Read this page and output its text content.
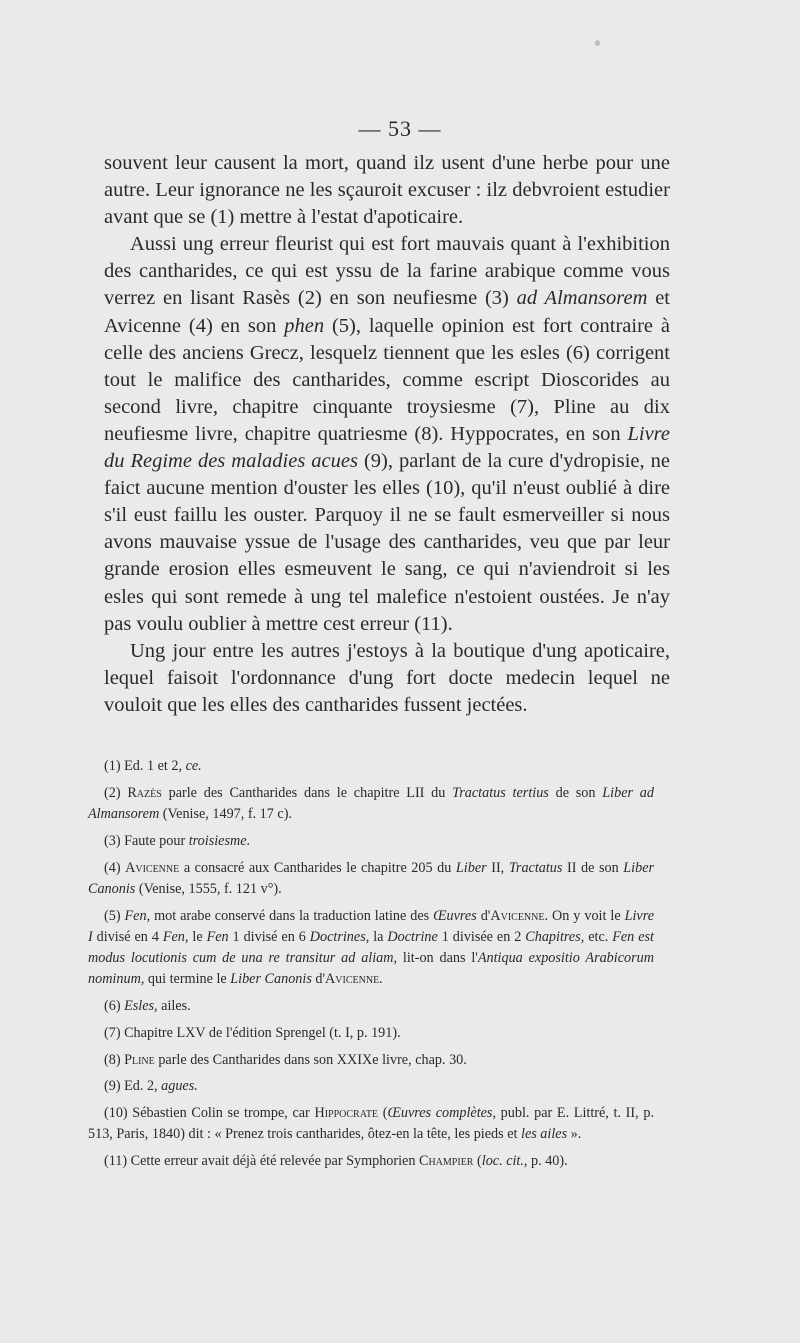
— 53 —

souvent leur causent la mort, quand ilz usent d'une herbe pour une autre. Leur ignorance ne les sçauroit excuser : ilz debvroient estudier avant que se (1) mettre à l'estat d'apoticaire.

Aussi ung erreur fleurist qui est fort mauvais quant à l'exhibition des cantharides, ce qui est yssu de la farine arabique comme vous verrez en lisant Rasès (2) en son neufiesme (3) ad Almansorem et Avicenne (4) en son phen (5), laquelle opinion est fort contraire à celle des anciens Grecz, lesquelz tiennent que les esles (6) corrigent tout le malifice des cantharides, comme escript Dioscorides au second livre, chapitre cinquante troysiesme (7), Pline au dix neufiesme livre, chapitre quatriesme (8). Hyppocrates, en son Livre du Regime des maladies acues (9), parlant de la cure d'ydropisie, ne faict aucune mention d'ouster les elles (10), qu'il n'eust oublié à dire s'il eust faillu les ouster. Parquoy il ne se fault esmerveiller si nous avons mauvaise yssue de l'usage des cantharides, veu que par leur grande erosion elles esmeuvent le sang, ce qui n'aviendroit si les esles qui sont remede à ung tel malefice n'estoient oustées. Je n'ay pas voulu oublier à mettre cest erreur (11).

Ung jour entre les autres j'estoys à la boutique d'ung apoticaire, lequel faisoit l'ordonnance d'ung fort docte medecin lequel ne vouloit que les elles des cantharides fussent jectées.

(1) Ed. 1 et 2, ce.

(2) Razès parle des Cantharides dans le chapitre LII du Tractatus tertius de son Liber ad Almansorem (Venise, 1497, f. 17 c).

(3) Faute pour troisiesme.

(4) Avicenne a consacré aux Cantharides le chapitre 205 du Liber II, Tractatus II de son Liber Canonis (Venise, 1555, f. 121 v°).

(5) Fen, mot arabe conservé dans la traduction latine des Œuvres d'Avicenne. On y voit le Livre I divisé en 4 Fen, le Fen 1 divisé en 6 Doctrines, la Doctrine 1 divisée en 2 Chapitres, etc. Fen est modus locutionis cum de una re transitur ad aliam, lit-on dans l'Antiqua expositio Arabicorum nominum, qui termine le Liber Canonis d'Avicenne.

(6) Esles, ailes.

(7) Chapitre LXV de l'édition Sprengel (t. I, p. 191).

(8) Pline parle des Cantharides dans son XXIXe livre, chap. 30.

(9) Ed. 2, agues.

(10) Sébastien Colin se trompe, car Hippocrate (Œuvres complètes, publ. par E. Littré, t. II, p. 513, Paris, 1840) dit : « Prenez trois cantharides, ôtez-en la tête, les pieds et les ailes ».

(11) Cette erreur avait déjà été relevée par Symphorien Champier (loc. cit., p. 40).
